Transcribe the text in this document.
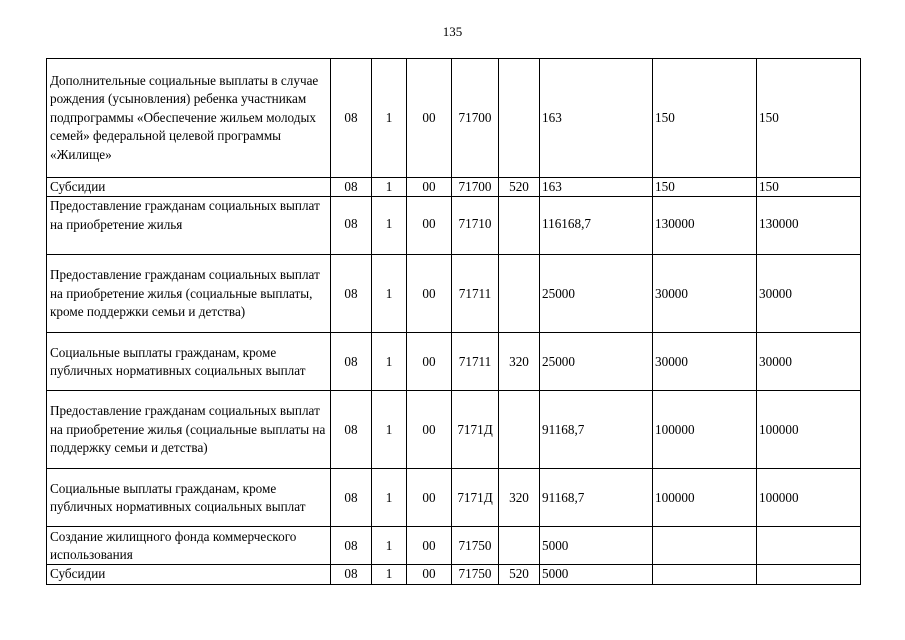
135
Дополнительные социальные выплаты в случае рождения (усыновления) ребенка участникам подпрограммы «Обеспечение жильем молодых семей» федеральной целевой программы «Жилище»	08	1	00	71700		163	150	150
Субсидии	08	1	00	71700	520	163	150	150
Предоставление гражданам социальных выплат на приобретение жилья	08	1	00	71710		116168,7	130000	130000
Предоставление гражданам социальных выплат на приобретение жилья (социальные выплаты, кроме поддержки семьи и детства)	08	1	00	71711		25000	30000	30000
Социальные выплаты гражданам, кроме публичных нормативных социальных выплат	08	1	00	71711	320	25000	30000	30000
Предоставление гражданам социальных выплат на приобретение жилья (социальные выплаты на поддержку семьи и детства)	08	1	00	7171Д		91168,7	100000	100000
Социальные выплаты гражданам, кроме публичных нормативных социальных выплат	08	1	00	7171Д	320	91168,7	100000	100000
Создание жилищного фонда коммерческого использования	08	1	00	71750		5000		
Субсидии	08	1	00	71750	520	5000		
